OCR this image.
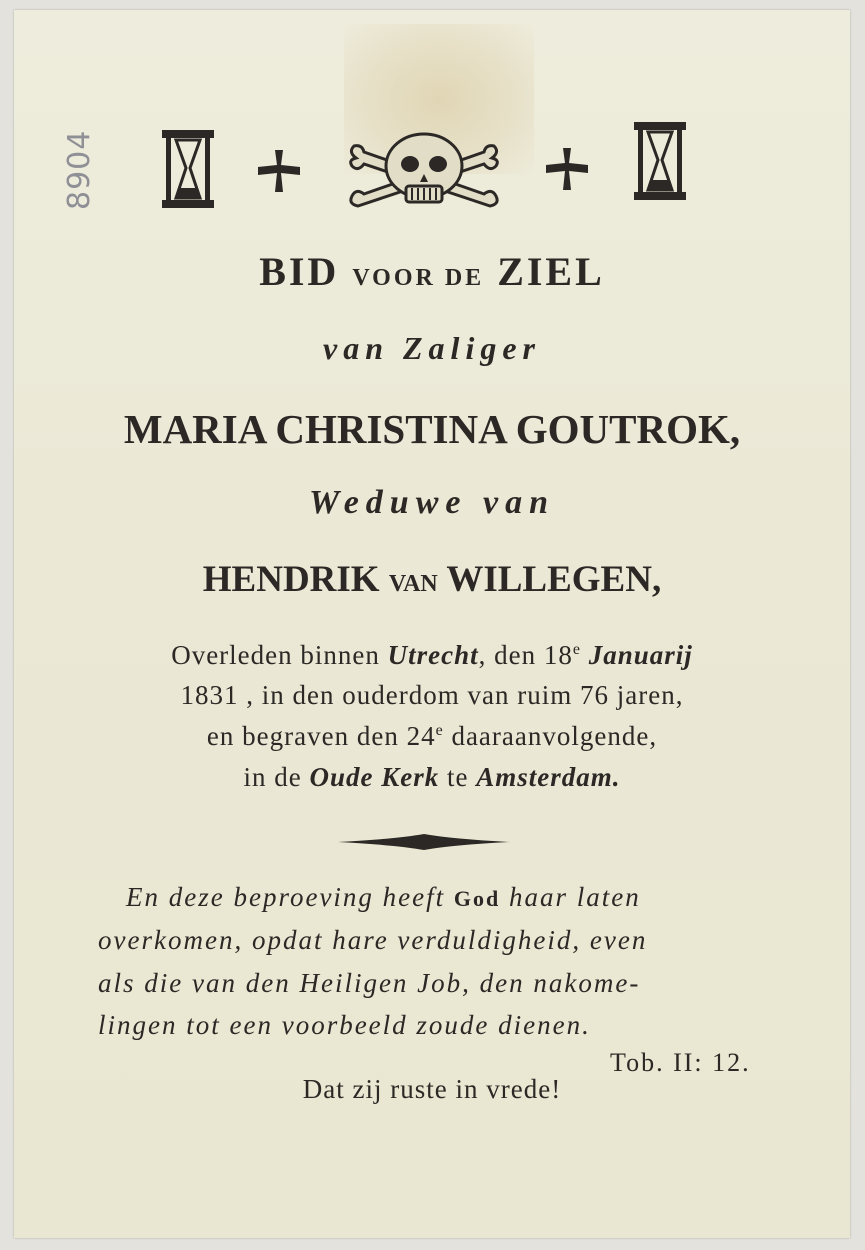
8904
BID VOOR DE ZIEL
van Zaliger
MARIA CHRISTINA GOUTROK,
Weduwe van
HENDRIK VAN WILLEGEN,
Overleden binnen Utrecht, den 18e Januarij
1831 , in den ouderdom van ruim 76 jaren,
en begraven den 24e daaraanvolgende,
in de Oude Kerk te Amsterdam.
En deze beproeving heeft God haar laten
overkomen, opdat hare verduldigheid, even
als die van den Heiligen Job, den nakome-
lingen tot een voorbeeld zoude dienen.
Tob. II: 12.
Dat zij ruste in vrede!
